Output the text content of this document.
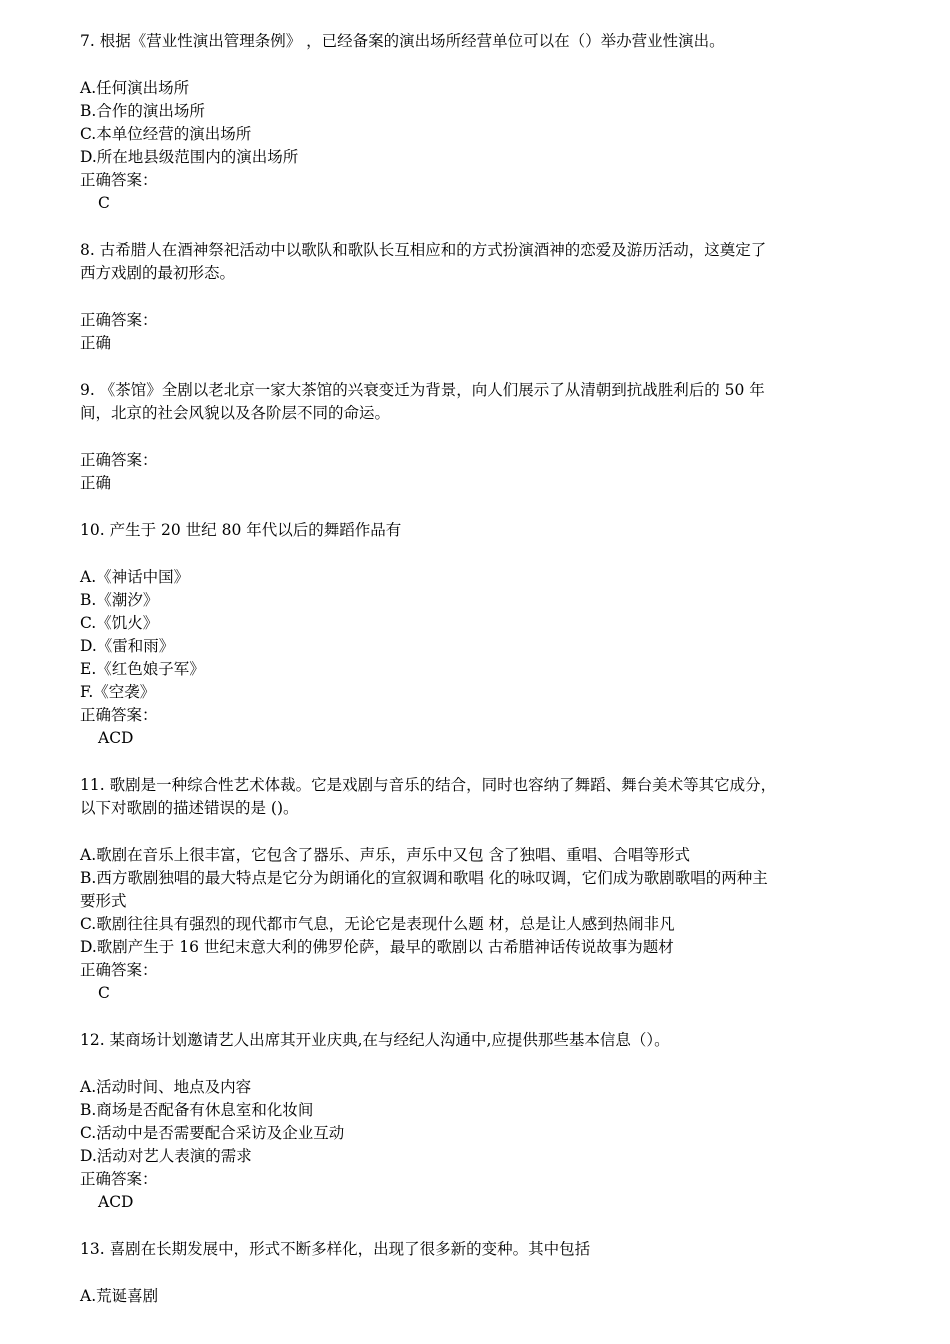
7. 根据《营业性演出管理条例》 ，已经备案的演出场所经营单位可以在（）举办营业性演出。
A.任何演出场所
B.合作的演出场所
C.本单位经营的演出场所
D.所在地县级范围内的演出场所
正确答案：
C
8. 古希腊人在酒神祭祀活动中以歌队和歌队长互相应和的方式扮演酒神的恋爱及游历活动，这奠定了
西方戏剧的最初形态。
正确答案：
正确
9. 《茶馆》全剧以老北京一家大茶馆的兴衰变迁为背景，向人们展示了从清朝到抗战胜利后的 50 年
间，北京的社会风貌以及各阶层不同的命运。
正确答案：
正确
10. 产生于 20 世纪 80 年代以后的舞蹈作品有
A.《神话中国》
B.《潮汐》
C.《饥火》
D.《雷和雨》
E.《红色娘子军》
F.《空袭》
正确答案：
ACD
11. 歌剧是一种综合性艺术体裁。它是戏剧与音乐的结合，同时也容纳了舞蹈、舞台美术等其它成分，
以下对歌剧的描述错误的是 ()。
A.歌剧在音乐上很丰富，它包含了器乐、声乐，声乐中又包 含了独唱、重唱、合唱等形式
B.西方歌剧独唱的最大特点是它分为朗诵化的宣叙调和歌唱 化的咏叹调，它们成为歌剧歌唱的两种主
要形式
C.歌剧往往具有强烈的现代都市气息，无论它是表现什么题 材，总是让人感到热闹非凡
D.歌剧产生于 16 世纪末意大利的佛罗伦萨，最早的歌剧以 古希腊神话传说故事为题材
正确答案：
C
12. 某商场计划邀请艺人出席其开业庆典,在与经纪人沟通中,应提供那些基本信息（）。
A.活动时间、地点及内容
B.商场是否配备有休息室和化妆间
C.活动中是否需要配合采访及企业互动
D.活动对艺人表演的需求
正确答案：
ACD
13. 喜剧在长期发展中，形式不断多样化，出现了很多新的变种。其中包括
A.荒诞喜剧
